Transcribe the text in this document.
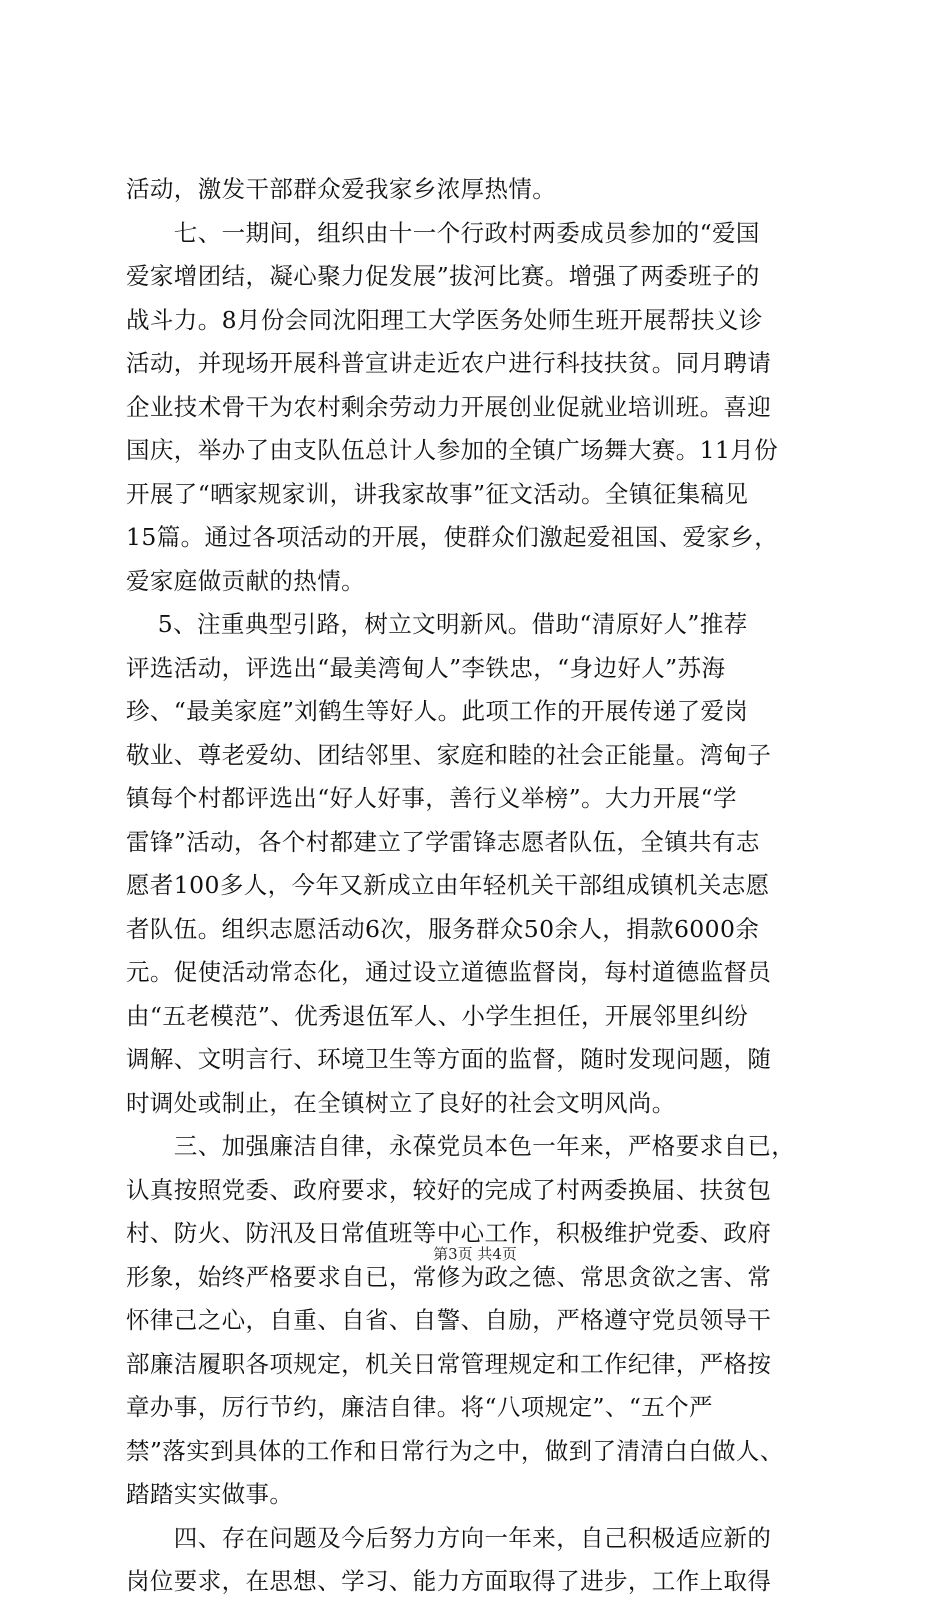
活动，激发干部群众爱我家乡浓厚热情。
　　七、一期间，组织由十一个行政村两委成员参加的“爱国
爱家增团结，凝心聚力促发展”拔河比赛。增强了两委班子的
战斗力。8月份会同沈阳理工大学医务处师生班开展帮扶义诊
活动，并现场开展科普宣讲走近农户进行科技扶贫。同月聘请
企业技术骨干为农村剩余劳动力开展创业促就业培训班。喜迎
国庆，举办了由支队伍总计人参加的全镇广场舞大赛。11月份
开展了“晒家规家训，讲我家故事”征文活动。全镇征集稿见
15篇。通过各项活动的开展，使群众们激起爱祖国、爱家乡，
爱家庭做贡献的热情。
　 5、注重典型引路，树立文明新风。借助“清原好人”推荐
评选活动，评选出“最美湾甸人”李铁忠，“身边好人”苏海
珍、“最美家庭”刘鹤生等好人。此项工作的开展传递了爱岗
敬业、尊老爱幼、团结邻里、家庭和睦的社会正能量。湾甸子
镇每个村都评选出“好人好事，善行义举榜”。大力开展“学
雷锋”活动，各个村都建立了学雷锋志愿者队伍，全镇共有志
愿者100多人，今年又新成立由年轻机关干部组成镇机关志愿
者队伍。组织志愿活动6次，服务群众50余人，捐款6000余
元。促使活动常态化，通过设立道德监督岗，每村道德监督员
由“五老模范”、优秀退伍军人、小学生担任，开展邻里纠纷
调解、文明言行、环境卫生等方面的监督，随时发现问题，随
时调处或制止，在全镇树立了良好的社会文明风尚。
　　三、加强廉洁自律，永葆党员本色一年来，严格要求自已，
认真按照党委、政府要求，较好的完成了村两委换届、扶贫包
村、防火、防汛及日常值班等中心工作，积极维护党委、政府
形象，始终严格要求自已，常修为政之德、常思贪欲之害、常
怀律己之心，自重、自省、自警、自励，严格遵守党员领导干
部廉洁履职各项规定，机关日常管理规定和工作纪律，严格按
章办事，厉行节约，廉洁自律。将“八项规定”、“五个严
禁”落实到具体的工作和日常行为之中，做到了清清白白做人、
踏踏实实做事。
　　四、存在问题及今后努力方向一年来，自己积极适应新的
岗位要求，在思想、学习、能力方面取得了进步，工作上取得
第3页 共4页
